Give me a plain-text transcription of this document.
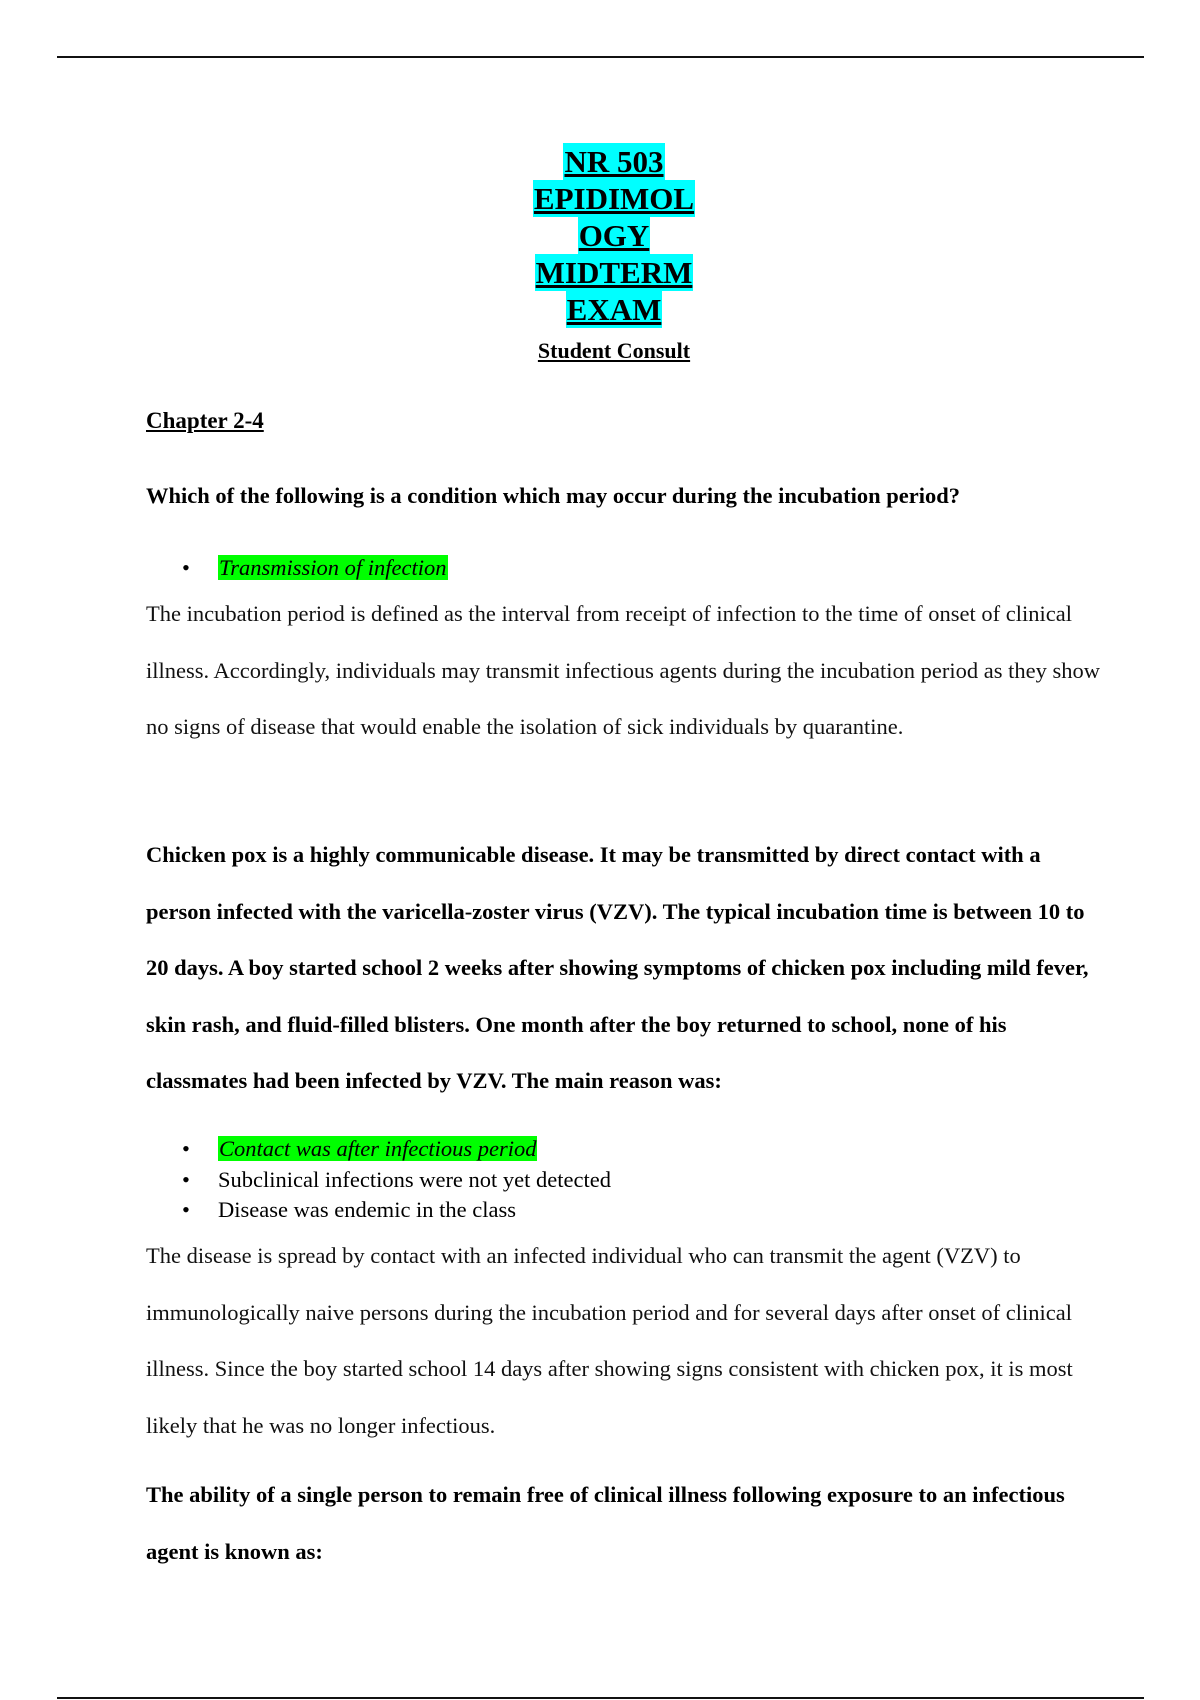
NR 503
EPIDIMOL
OGY
MIDTERM
EXAM
Student Consult
Chapter 2-4

Which of the following is a condition which may occur during the incubation period?

• Transmission of infection

The incubation period is defined as the interval from receipt of infection to the time of onset of clinical illness. Accordingly, individuals may transmit infectious agents during the incubation period as they show no signs of disease that would enable the isolation of sick individuals by quarantine.

Chicken pox is a highly communicable disease. It may be transmitted by direct contact with a person infected with the varicella-zoster virus (VZV). The typical incubation time is between 10 to 20 days. A boy started school 2 weeks after showing symptoms of chicken pox including mild fever, skin rash, and fluid-filled blisters. One month after the boy returned to school, none of his classmates had been infected by VZV. The main reason was:

• Contact was after infectious period
• Subclinical infections were not yet detected
• Disease was endemic in the class

The disease is spread by contact with an infected individual who can transmit the agent (VZV) to immunologically naive persons during the incubation period and for several days after onset of clinical illness. Since the boy started school 14 days after showing signs consistent with chicken pox, it is most likely that he was no longer infectious.

The ability of a single person to remain free of clinical illness following exposure to an infectious agent is known as:
